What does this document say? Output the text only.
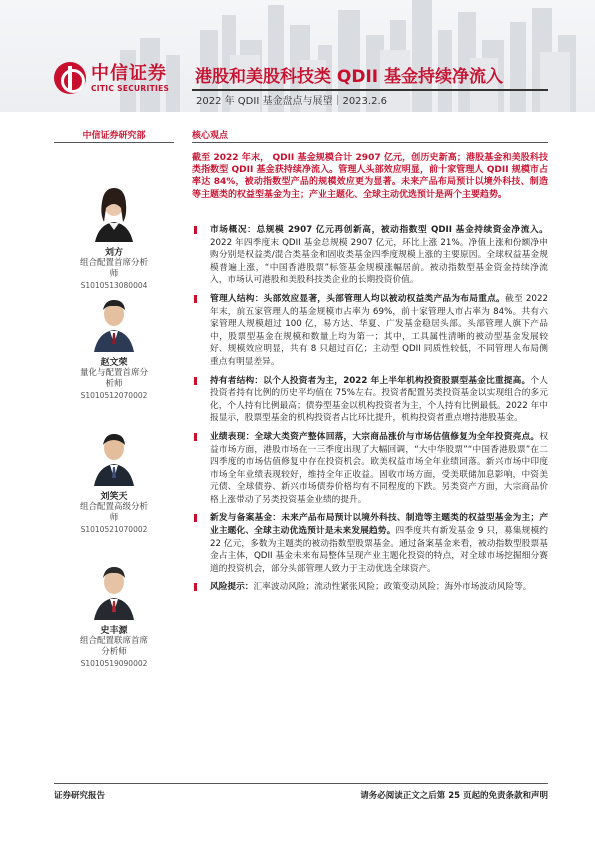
中信证券
CITIC SECURITIES
港股和美股科技类 QDII 基金持续净流入
2022 年 QDII 基金盘点与展望｜2023.2.6
中信证券研究部
刘方
组合配置首席分析
师
S1010513080004
赵文荣
量化与配置首席分
析师
S1010512070002
刘笑天
组合配置高级分析
师
S1010521070002
史丰源
组合配置联席首席
分析师
S1010519090002
核心观点
截至 2022 年末， QDII 基金规模合计 2907 亿元，创历史新高；港股基金和美股科技类指数型 QDII 基金获持续净流入。管理人头部效应明显，前十家管理人 QDII 规模市占率达 84%，被动指数型产品的规模效应更为显著。未来产品布局预计以境外科技、制造等主题类的权益型基金为主；产业主题化、全球主动优选预计是两个主要趋势。
市场概况：总规模 2907 亿元再创新高，被动指数型 QDII 基金持续资金净流入。2022 年四季度末 QDII 基金总规模 2907 亿元，环比上涨 21%。净值上涨和份额净申购分别是权益类/混合类基金和固收类基金四季度规模上涨的主要原因。全球权益基金规模普遍上涨，“中国香港股票”标签基金规模涨幅居前。被动指数型基金资金持续净流入，市场认可港股和美股科技类企业的长期投资价值。
管理人结构：头部效应显著，头部管理人均以被动权益类产品为布局重点。截至 2022 年末，前五家管理人的基金规模市占率为 69%，前十家管理人市占率为 84%。共有六家管理人规模超过 100 亿，易方达、华夏、广发基金稳居头部。头部管理人旗下产品中，股票型基金在规模和数量上均为第一；其中，工具属性清晰的被动型基金发展较好、规模效应明显，共有 8 只超过百亿；主动型 QDII 同质性较低，不同管理人布局侧重点有明显差异。
持有者结构：以个人投资者为主，2022 年上半年机构投资股票型基金比重提高。个人投资者持有比例的历史平均值在 75%左右。投资者配置另类投资基金以实现组合的多元化，个人持有比例最高；债券型基金以机构投资者为主，个人持有比例最低。2022 年中报显示，股票型基金的机构投资者占比环比提升，机构投资者重点增持港股基金。
业绩表现：全球大类资产整体回落，大宗商品涨价与市场估值修复为全年投资亮点。权益市场方面，港股市场在一三季度出现了大幅回调，“大中华股票”“中国香港股票”在二四季度的市场估值修复中存在投资机会。欧美权益市场全年业绩回落。新兴市场中印度市场全年业绩表现较好，维持全年正收益。固收市场方面，受美联储加息影响，中资美元债、全球债券、新兴市场债券价格均有不同程度的下跌。另类资产方面，大宗商品价格上涨带动了另类投资基金业绩的提升。
新发与备案基金：未来产品布局预计以境外科技、制造等主题类的权益型基金为主；产业主题化、全球主动优选预计是未来发展趋势。四季度共有新发基金 9 只，募集规模约 22 亿元，多数为主题类的被动指数型股票基金。通过备案基金来看，被动指数型股票基金占主体，QDII 基金未来布局整体呈现产业主题化投资的特点，对全球市场挖掘细分赛道的投资机会，部分头部管理人致力于主动优选全球资产。
风险提示：汇率波动风险；流动性紧张风险；政策变动风险；海外市场波动风险等。
证券研究报告	请务必阅读正文之后第 25 页起的免责条款和声明
